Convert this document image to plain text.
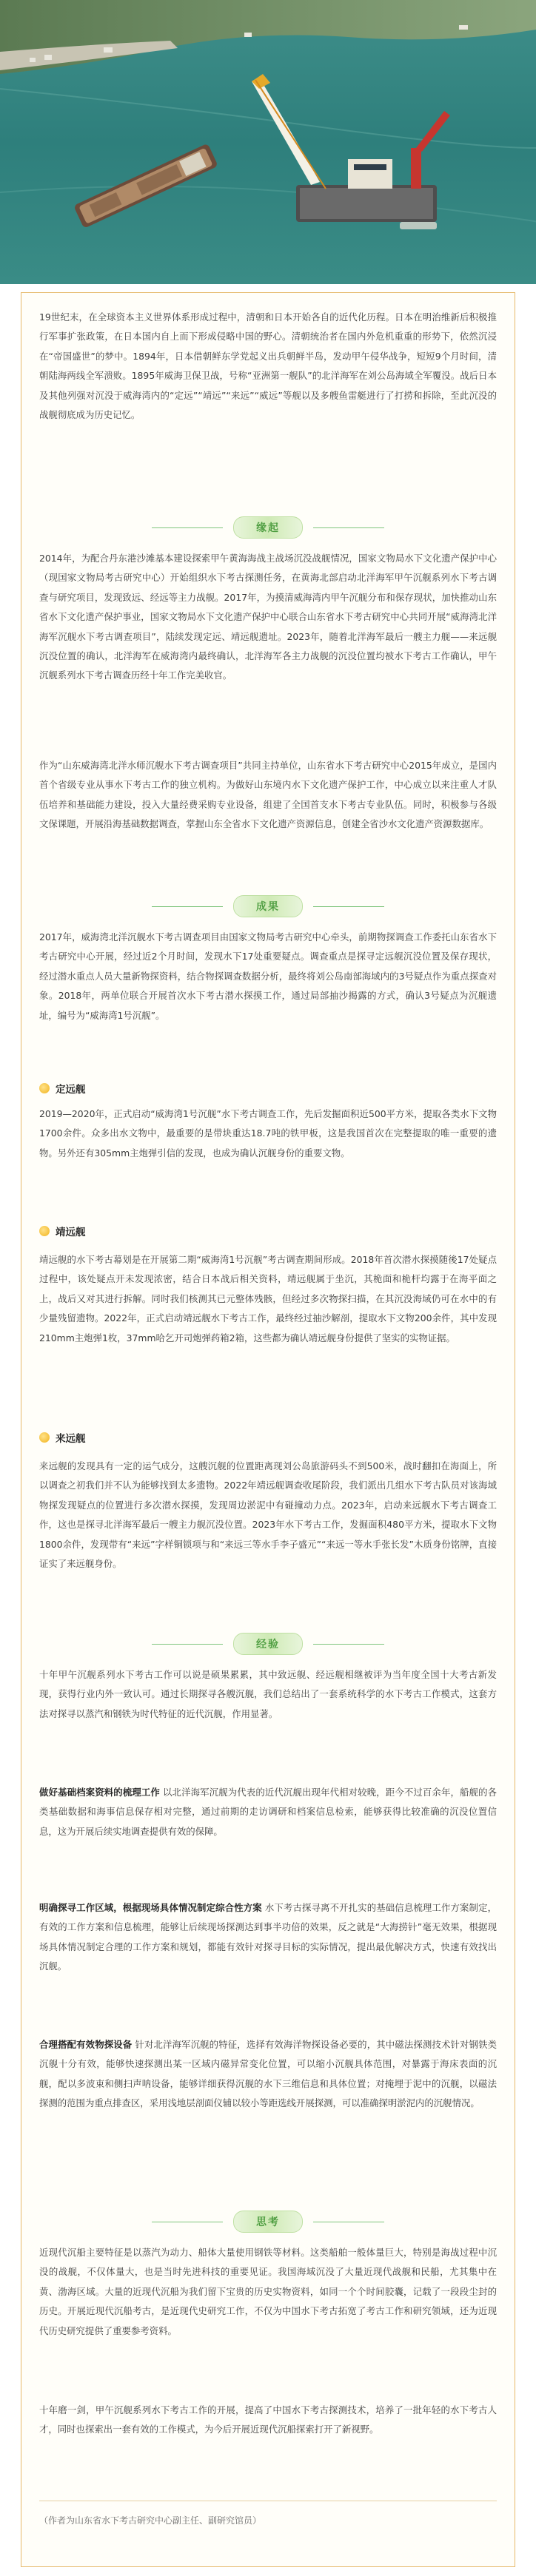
19世纪末，在全球资本主义世界体系形成过程中，清朝和日本开始各自的近代化历程。日本在明治维新后积极推行军事扩张政策，在日本国内自上而下形成侵略中国的野心。清朝统治者在国内外危机重重的形势下，依然沉浸在“帝国盛世”的梦中。1894年，日本借朝鲜东学党起义出兵朝鲜半岛，发动甲午侵华战争，短短9个月时间，清朝陆海两线全军溃败。1895年威海卫保卫战，号称“亚洲第一舰队”的北洋海军在刘公岛海域全军覆没。战后日本及其他列强对沉没于威海湾内的“定远”“靖远”“来远”“威远”等舰以及多艘鱼雷艇进行了打捞和拆除，至此沉没的战舰彻底成为历史记忆。

缘起

2014年，为配合丹东港沙滩基本建设探索甲午黄海海战主战场沉没战舰情况，国家文物局水下文化遗产保护中心（现国家文物局考古研究中心）开始组织水下考古探测任务，在黄海北部启动北洋海军甲午沉舰系列水下考古调查与研究项目，发现致远、经远等主力战舰。2017年，为摸清威海湾内甲午沉舰分布和保存现状，加快推动山东省水下文化遗产保护事业，国家文物局水下文化遗产保护中心联合山东省水下考古研究中心共同开展“威海湾北洋海军沉舰水下考古调查项目”，陆续发现定远、靖远舰遗址。2023年，随着北洋海军最后一艘主力舰——来远舰沉没位置的确认，北洋海军在威海湾内最终确认，北洋海军各主力战舰的沉没位置均被水下考古工作确认，甲午沉舰系列水下考古调查历经十年工作完美收官。

作为“山东威海湾北洋水师沉舰水下考古调查项目”共同主持单位，山东省水下考古研究中心2015年成立，是国内首个省级专业从事水下考古工作的独立机构。为做好山东境内水下文化遗产保护工作，中心成立以来注重人才队伍培养和基础能力建设，投入大量经费采购专业设备，组建了全国首支水下考古专业队伍。同时，积极参与各级文保课题，开展沿海基础数据调查，掌握山东全省水下文化遗产资源信息，创建全省沙水文化遗产资源数据库。

成果

2017年，威海湾北洋沉舰水下考古调查项目由国家文物局考古研究中心牵头，前期物探调查工作委托山东省水下考古研究中心开展，经过近2个月时间，发现水下17处重要疑点。调查重点是探寻定远舰沉没位置及保存现状，经过潜水重点人员大量新物探资料，结合物探调查数据分析，最终将刘公岛南部海域内的3号疑点作为重点探查对象。2018年，两单位联合开展首次水下考古潜水探摸工作，通过局部抽沙揭露的方式，确认3号疑点为沉舰遗址，编号为“威海湾1号沉舰”。

定远舰

2019—2020年，正式启动“威海湾1号沉舰”水下考古调查工作，先后发掘面积近500平方米，提取各类水下文物1700余件。众多出水文物中，最重要的是带块重达18.7吨的铁甲板，这是我国首次在完整提取的唯一重要的遗物。另外还有305mm主炮弹引信的发现，也成为确认沉舰身份的重要文物。

靖远舰

靖远舰的水下考古幕划是在开展第二期“威海湾1号沉舰”考古调查期间形成。2018年首次潜水探摸随後17处疑点过程中，该处疑点开未发现浓密，结合日本战后相关资料，靖远舰属于坐沉，其桅面和桅杆均露于在海平面之上，战后又对其进行拆解。同时我们核测其已元整体残骸，但经过多次物探扫描，在其沉没海域仍可在水中的有少量残留遗物。2022年，正式启动靖远舰水下考古工作，最终经过抽沙解剖，提取水下文物200余件，其中发现210mm主炮弹1枚，37mm哈乞开司炮弹药箱2箱，这些都为确认靖远舰身份提供了坚实的实物证据。

来远舰

来远舰的发现具有一定的运气成分，这艘沉舰的位置距离现刘公岛旅游码头不到500米，战时翻扣在海面上，所以调查之初我们并不认为能够找到太多遗物。2022年靖远舰调查收尾阶段，我们派出几组水下考古队员对该海域物探发现疑点的位置进行多次潜水探摸，发现周边淤泥中有碰撞动力点。2023年，启动来远舰水下考古调查工作，这也是探寻北洋海军最后一艘主力舰沉没位置。2023年水下考古工作，发掘面积480平方米，提取水下文物1800余件，发现带有“来远”字样铜锁项与和“来远三等水手李子盛元”“来远一等水手张长发”木质身份铭牌，直接证实了来远舰身份。

经验

十年甲午沉舰系列水下考古工作可以说是硕果累累，其中致远舰、经远舰相继被评为当年度全国十大考古新发现，获得行业内外一致认可。通过长期探寻各艘沉舰，我们总结出了一套系统科学的水下考古工作模式，这套方法对探寻以蒸汽和钢铁为时代特征的近代沉舰，作用显著。

做好基础档案资料的梳理工作 以北洋海军沉舰为代表的近代沉舰出现年代相对较晚，距今不过百余年，船舰的各类基础数据和海事信息保存相对完整，通过前期的走访调研和档案信息检索，能够获得比较准确的沉没位置信息，这为开展后续实地调查提供有效的保障。

明确探寻工作区域，根据现场具体情况制定综合性方案 水下考古探寻离不开扎实的基础信息梳理工作方案制定，有效的工作方案和信息梳理，能够让后续现场探测达到事半功倍的效果，反之就是“大海捞针”毫无效果，根据现场具体情况制定合理的工作方案和规划，都能有效针对探寻目标的实际情况，提出最优解决方式，快速有效找出沉舰。

合理搭配有效物探设备 针对北洋海军沉舰的特征，选择有效海洋物探设备必要的，其中磁法探测技术针对钢铁类沉舰十分有效，能够快速探测出某一区域内磁异常变化位置，可以缩小沉舰具体范围，对暴露于海床表面的沉舰，配以多波束和侧扫声呐设备，能够详细获得沉舰的水下三维信息和具体位置；对掩埋于泥中的沉舰，以磁法探测的范围为重点排查区，采用浅地层剖面仪辅以较小等距选线开展探测，可以准确探明淤泥内的沉舰情况。

思考

近现代沉船主要特征是以蒸汽为动力、船体大量使用钢铁等材料。这类船舶一般体量巨大，特别是海战过程中沉没的战舰，不仅体量大，也是当时先进科技的重要见证。我国海域沉没了大量近现代战舰和民船，尤其集中在黄、渤海区域。大量的近现代沉船为我们留下宝贵的历史实物资料，如同一个个时间胶囊，记载了一段段尘封的历史。开展近现代沉船考古，是近现代史研究工作，不仅为中国水下考古拓宽了考古工作和研究领域，还为近现代历史研究提供了重要参考资料。

十年磨一剑，甲午沉舰系列水下考古工作的开展，提高了中国水下考古探测技术，培养了一批年轻的水下考古人才，同时也探索出一套有效的工作模式，为今后开展近现代沉船探索打开了新视野。

（作者为山东省水下考古研究中心副主任、副研究馆员）
